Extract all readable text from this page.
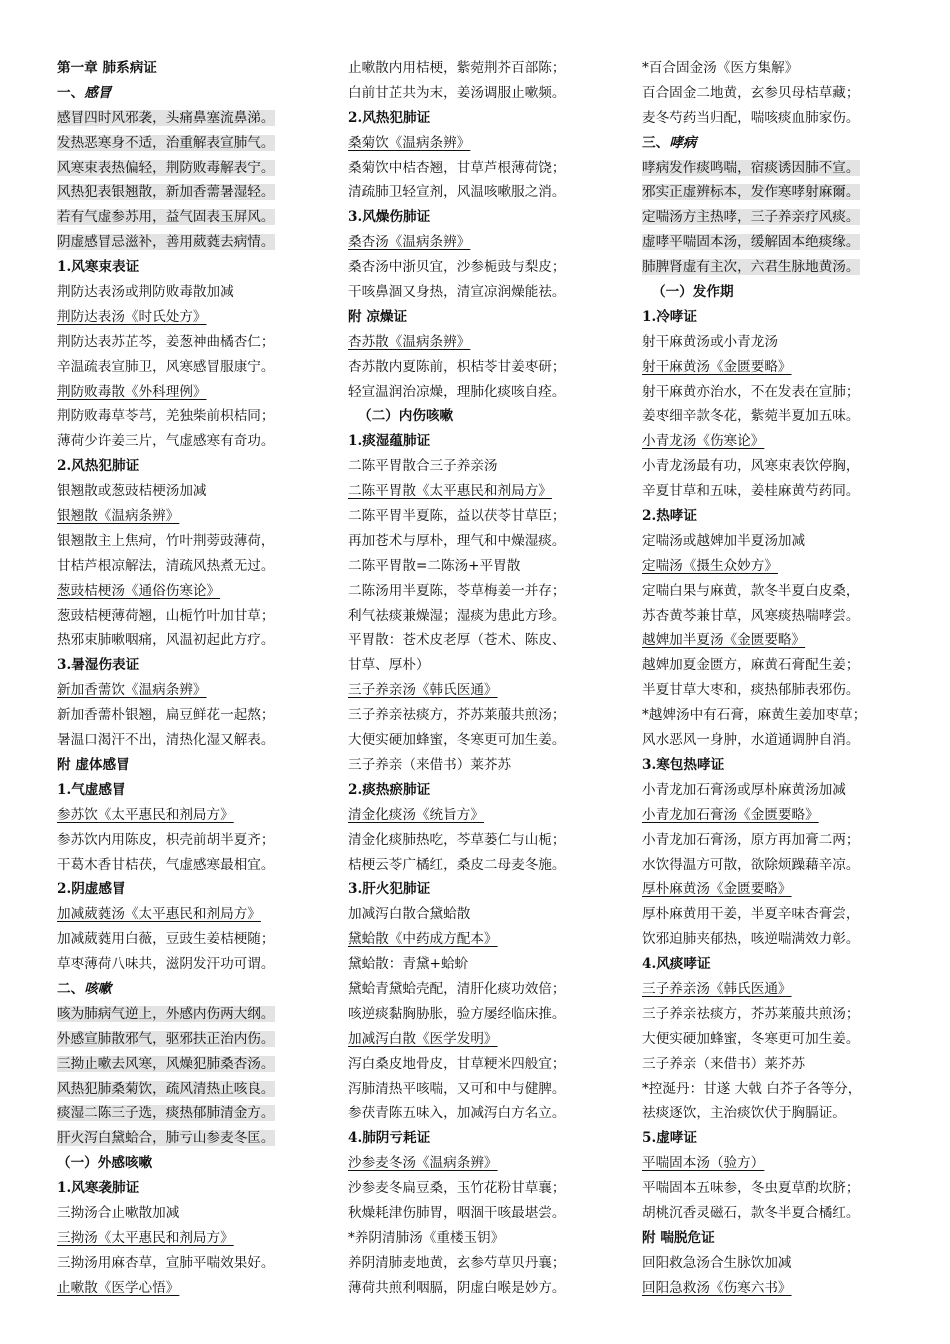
第一章 肺系病证
一、感冒
感冒四时风邪袭，头痛鼻塞流鼻涕。
发热恶寒身不适，治重解表宣肺气。
风寒束表热偏轻，荆防败毒解表宁。
风热犯表银翘散，新加香薷暑湿轻。
若有气虚参苏用，益气固表玉屏风。
阴虚感冒忌滋补，善用葳蕤去病情。
1.风寒束表证
荆防达表汤或荆防败毒散加减
荆防达表汤《时氏处方》
荆防达表苏芷芩，姜葱神曲橘杏仁；
辛温疏表宣肺卫，风寒感冒服康宁。
荆防败毒散《外科理例》
荆防败毒草苓芎，羌独柴前枳桔同；
薄荷少许姜三片，气虚感寒有奇功。
2.风热犯肺证
银翘散或葱豉桔梗汤加减
银翘散《温病条辨》
银翘散主上焦疴，竹叶荆蒡豉薄荷，
甘桔芦根凉解法，清疏风热煮无过。
葱豉桔梗汤《通俗伤寒论》
葱豉桔梗薄荷翘，山栀竹叶加甘草；
热邪束肺嗽咽痛，风温初起此方疗。
3.暑湿伤表证
新加香薷饮《温病条辨》
新加香薷朴银翘，扁豆鲜花一起熬；
暑温口渴汗不出，清热化湿又解表。
附 虚体感冒
1.气虚感冒
参苏饮《太平惠民和剂局方》
参苏饮内用陈皮，枳壳前胡半夏齐；
干葛木香甘桔茯，气虚感寒最相宜。
2.阴虚感冒
加减葳蕤汤《太平惠民和剂局方》
加减葳蕤用白薇，豆豉生姜桔梗随；
草枣薄荷八味共，滋阴发汗功可谓。
二、咳嗽
咳为肺病气逆上，外感内伤两大纲。
外感宣肺散邪气，驱邪扶正治内伤。
三拗止嗽去风寒，风燥犯肺桑杏汤。
风热犯肺桑菊饮，疏风清热止咳良。
痰湿二陈三子选，痰热郁肺清金方。
肝火泻白黛蛤合，肺亏山参麦冬匡。
（一）外感咳嗽
1.风寒袭肺证
三拗汤合止嗽散加减
三拗汤《太平惠民和剂局方》
三拗汤用麻杏草，宣肺平喘效果好。
止嗽散《医学心悟》
止嗽散内用桔梗，紫菀荆芥百部陈；
白前甘芷共为末，姜汤调服止嗽频。
2.风热犯肺证
桑菊饮《温病条辨》
桑菊饮中桔杏翘，甘草芦根薄荷饶；
清疏肺卫轻宣剂，风温咳嗽服之消。
3.风燥伤肺证
桑杏汤《温病条辨》
桑杏汤中浙贝宜，沙参栀豉与梨皮；
干咳鼻涸又身热，清宣凉润燥能祛。
附 凉燥证
杏苏散《温病条辨》
杏苏散内夏陈前，枳桔苓甘姜枣研；
轻宣温润治凉燥，理肺化痰咳自痊。
（二）内伤咳嗽
1.痰湿蕴肺证
二陈平胃散合三子养亲汤
二陈平胃散《太平惠民和剂局方》
二陈平胃半夏陈，益以茯苓甘草臣；
再加苍术与厚朴，理气和中燥湿痰。
二陈平胃散=二陈汤+平胃散
二陈汤用半夏陈，苓草梅姜一并存；
利气祛痰兼燥湿；湿痰为患此方珍。
平胃散：苍术皮老厚（苍术、陈皮、
甘草、厚朴）
三子养亲汤《韩氏医通》
三子养亲祛痰方，芥苏莱菔共煎汤；
大便实硬加蜂蜜，冬寒更可加生姜。
三子养亲（来借书）莱芥苏
2.痰热瘀肺证
清金化痰汤《统旨方》
清金化痰肺热吃，芩草蒌仁与山栀；
桔梗云苓广橘红，桑皮二母麦冬施。
3.肝火犯肺证
加减泻白散合黛蛤散
黛蛤散《中药成方配本》
黛蛤散：青黛+蛤蚧
黛蛤青黛蛤壳配，清肝化痰功效倍；
咳逆痰黏胸胁胀，验方屡经临床推。
加减泻白散《医学发明》
泻白桑皮地骨皮，甘草粳米四般宜；
泻肺清热平咳喘，又可和中与健脾。
参茯青陈五味入，加减泻白方名立。
4.肺阴亏耗证
沙参麦冬汤《温病条辨》
沙参麦冬扁豆桑，玉竹花粉甘草襄；
秋燥耗津伤肺胃，咽涸干咳最堪尝。
*养阴清肺汤《重楼玉钥》
养阴清肺麦地黄，玄参芍草贝丹襄；
薄荷共煎利咽膈，阴虚白喉是妙方。
*百合固金汤《医方集解》
百合固金二地黄，玄参贝母桔草藏；
麦冬芍药当归配，喘咳痰血肺家伤。
三、哮病
哮病发作痰鸣喘，宿痰诱因肺不宣。
邪实正虚辨标本，发作寒哮射麻爾。
定喘汤方主热哮，三子养亲疗风痰。
虚哮平喘固本汤，缓解固本绝痰缘。
肺脾肾虚有主次，六君生脉地黄汤。
（一）发作期
1.冷哮证
射干麻黄汤或小青龙汤
射干麻黄汤《金匮要略》
射干麻黄亦治水，不在发表在宣肺；
姜枣细辛款冬花，紫菀半夏加五味。
小青龙汤《伤寒论》
小青龙汤最有功，风寒束表饮停胸，
辛夏甘草和五味，姜桂麻黄芍药同。
2.热哮证
定喘汤或越婢加半夏汤加减
定喘汤《摄生众妙方》
定喘白果与麻黄，款冬半夏白皮桑，
苏杏黄芩兼甘草，风寒痰热喘哮尝。
越婢加半夏汤《金匮要略》
越婢加夏金匮方，麻黄石膏配生姜；
半夏甘草大枣和，痰热郁肺表邪伤。
*越婢汤中有石膏，麻黄生姜加枣草；
风水恶风一身肿，水道通调肿自消。
3.寒包热哮证
小青龙加石膏汤或厚朴麻黄汤加减
小青龙加石膏汤《金匮要略》
小青龙加石膏汤，原方再加膏二两；
水饮得温方可散，欲除烦躁藉辛凉。
厚朴麻黄汤《金匮要略》
厚朴麻黄用干姜，半夏辛味杏膏尝，
饮邪迫肺夹郁热，咳逆喘满效力彰。
4.风痰哮证
三子养亲汤《韩氏医通》
三子养亲祛痰方，芥苏莱菔共煎汤；
大便实硬加蜂蜜，冬寒更可加生姜。
三子养亲（来借书）莱芥苏
*控涎丹：甘遂 大戟 白芥子各等分，
祛痰逐饮，主治痰饮伏于胸膈证。
5.虚哮证
平喘固本汤（验方）
平喘固本五味参，冬虫夏草酌坎脐；
胡桃沉香灵磁石，款冬半夏合橘红。
附 喘脱危证
回阳救急汤合生脉饮加减
回阳急救汤《伤寒六书》
